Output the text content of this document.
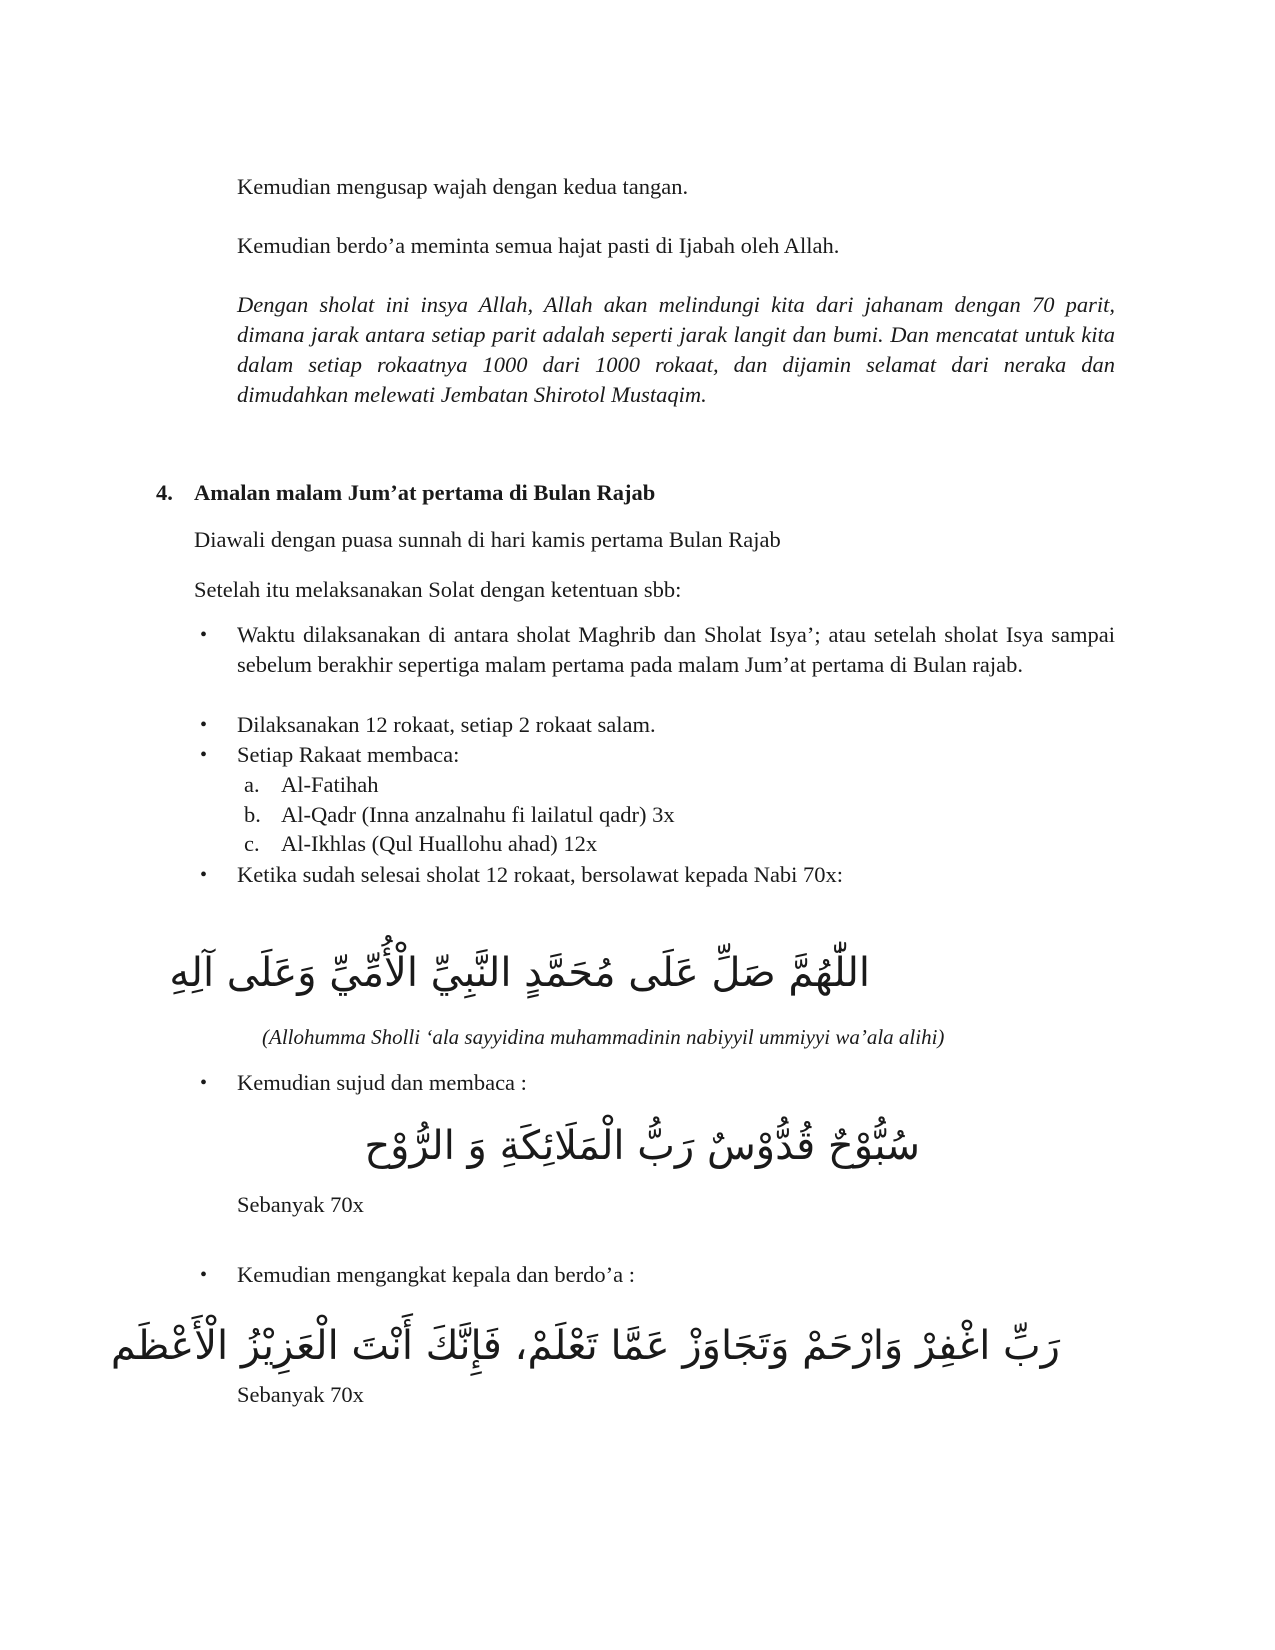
Kemudian mengusap wajah dengan kedua tangan.

Kemudian berdo’a meminta semua hajat pasti di Ijabah oleh Allah.

Dengan sholat ini insya Allah, Allah akan melindungi kita dari jahanam dengan 70 parit, dimana jarak antara setiap parit adalah seperti jarak langit dan bumi. Dan mencatat untuk kita dalam setiap rokaatnya 1000 dari 1000 rokaat, dan dijamin selamat dari neraka dan dimudahkan melewati Jembatan Shirotol Mustaqim.

4. Amalan malam Jum’at pertama di Bulan Rajab

Diawali dengan puasa sunnah di hari kamis pertama Bulan Rajab

Setelah itu melaksanakan Solat dengan ketentuan sbb:

•	Waktu dilaksanakan di antara sholat Maghrib dan Sholat Isya’; atau setelah sholat Isya sampai sebelum berakhir sepertiga malam pertama pada malam Jum’at pertama di Bulan rajab.
•	Dilaksanakan 12 rokaat, setiap 2 rokaat salam.
•	Setiap Rakaat membaca:
a. Al-Fatihah
b. Al-Qadr (Inna anzalnahu fi lailatul qadr) 3x
c. Al-Ikhlas (Qul Huallohu ahad) 12x
•	Ketika sudah selesai sholat 12 rokaat, bersolawat kepada Nabi 70x:
اللّٰهُمَّ صَلِّ عَلَى مُحَمَّدٍ النَّبِيِّ الْأُمِّيِّ وَعَلَى آلِهِ
(Allohumma Sholli ‘ala sayyidina muhammadinin nabiyyil ummiyyi wa’ala alihi)
•	Kemudian sujud dan membaca :
سُبُّوْحٌ قُدُّوْسٌ رَبُّ الْمَلَائِكَةِ وَ الرُّوْح

Sebanyak 70x

•	Kemudian mengangkat kepala dan berdo’a :
رَبِّ اغْفِرْ وَارْحَمْ وَتَجَاوَزْ عَمَّا تَعْلَمْ، فَإِنَّكَ أَنْتَ الْعَزِيْزُ الْأَعْظَم

Sebanyak 70x
